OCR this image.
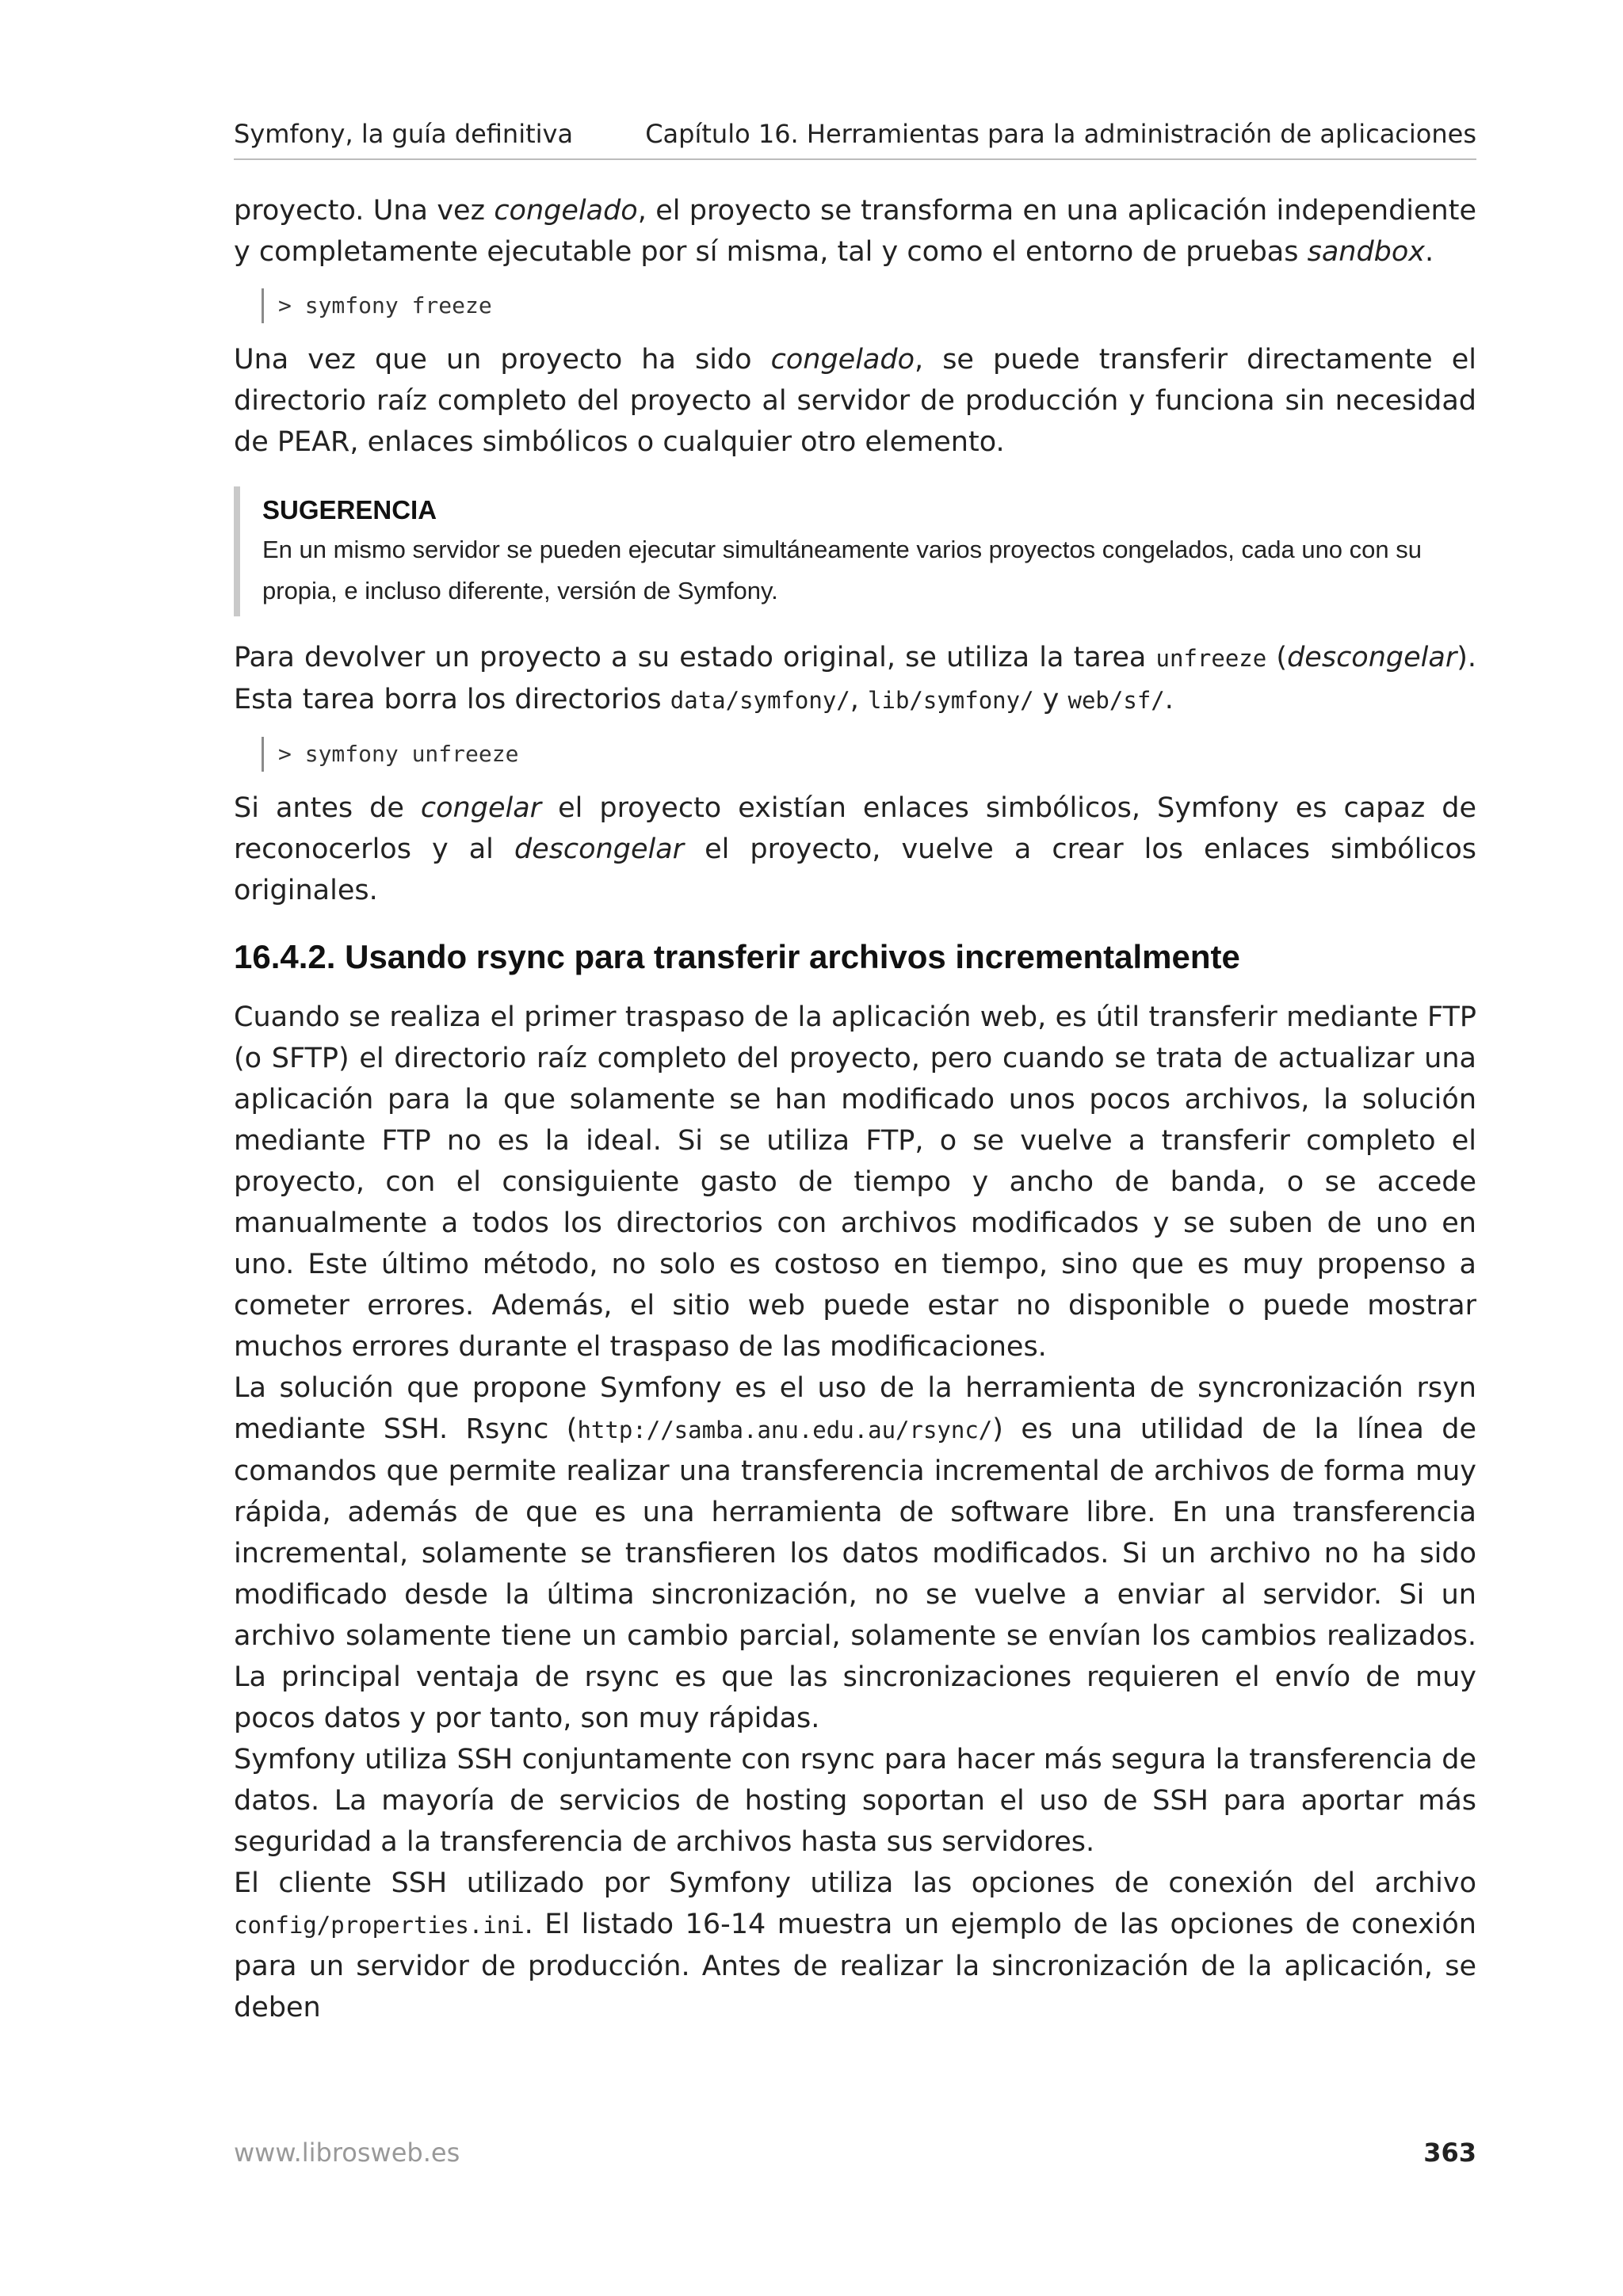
Symfony, la guía definitiva	Capítulo 16. Herramientas para la administración de aplicaciones

proyecto. Una vez congelado, el proyecto se transforma en una aplicación independiente y completamente ejecutable por sí misma, tal y como el entorno de pruebas sandbox.

> symfony freeze

Una vez que un proyecto ha sido congelado, se puede transferir directamente el directorio raíz completo del proyecto al servidor de producción y funciona sin necesidad de PEAR, enlaces simbólicos o cualquier otro elemento.

SUGERENCIA
En un mismo servidor se pueden ejecutar simultáneamente varios proyectos congelados, cada uno con su propia, e incluso diferente, versión de Symfony.

Para devolver un proyecto a su estado original, se utiliza la tarea unfreeze (descongelar). Esta tarea borra los directorios data/symfony/, lib/symfony/ y web/sf/.

> symfony unfreeze

Si antes de congelar el proyecto existían enlaces simbólicos, Symfony es capaz de reconocerlos y al descongelar el proyecto, vuelve a crear los enlaces simbólicos originales.

16.4.2. Usando rsync para transferir archivos incrementalmente

Cuando se realiza el primer traspaso de la aplicación web, es útil transferir mediante FTP (o SFTP) el directorio raíz completo del proyecto, pero cuando se trata de actualizar una aplicación para la que solamente se han modificado unos pocos archivos, la solución mediante FTP no es la ideal. Si se utiliza FTP, o se vuelve a transferir completo el proyecto, con el consiguiente gasto de tiempo y ancho de banda, o se accede manualmente a todos los directorios con archivos modificados y se suben de uno en uno. Este último método, no solo es costoso en tiempo, sino que es muy propenso a cometer errores. Además, el sitio web puede estar no disponible o puede mostrar muchos errores durante el traspaso de las modificaciones.

La solución que propone Symfony es el uso de la herramienta de syncronización rsyn mediante SSH. Rsync (http://samba.anu.edu.au/rsync/) es una utilidad de la línea de comandos que permite realizar una transferencia incremental de archivos de forma muy rápida, además de que es una herramienta de software libre. En una transferencia incremental, solamente se transfieren los datos modificados. Si un archivo no ha sido modificado desde la última sincronización, no se vuelve a enviar al servidor. Si un archivo solamente tiene un cambio parcial, solamente se envían los cambios realizados. La principal ventaja de rsync es que las sincronizaciones requieren el envío de muy pocos datos y por tanto, son muy rápidas.

Symfony utiliza SSH conjuntamente con rsync para hacer más segura la transferencia de datos. La mayoría de servicios de hosting soportan el uso de SSH para aportar más seguridad a la transferencia de archivos hasta sus servidores.

El cliente SSH utilizado por Symfony utiliza las opciones de conexión del archivo config/properties.ini. El listado 16-14 muestra un ejemplo de las opciones de conexión para un servidor de producción. Antes de realizar la sincronización de la aplicación, se deben

www.librosweb.es	363
